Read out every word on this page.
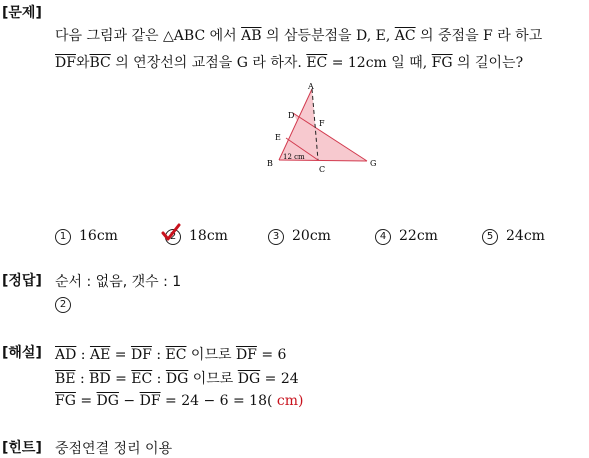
[문제]
[정답]
[해설]
[힌트]
다음 그림과 같은 △ABC 에서 $\overline{AB}$ 의 삼등분점을 D, E, $\overline{AC}$ 의 중점을 F 라 하고
$\overline{DF}$와$\overline{BC}$ 의 연장선의 교점을 G 라 하자. $\overline{EC} = 12cm$ 일 때, $\overline{FG}$ 의 길이는?
A
D
F
E
B
C
G
12 cm
1 16cm	2 18cm	3 20cm	4 22cm	5 24cm
순서 : 없음, 갯수 : 1
2
$\overline{AD}$ : $\overline{AE} = \overline{DF}$ : $\overline{EC}$ 이므로 $\overline{DF} = 6$
$\overline{BE}$ : $\overline{BD} = \overline{EC}$ : $\overline{DG}$ 이므로 $\overline{DG} = 24$
$\overline{FG} = \overline{DG} - \overline{DF} = 24 - 6 = 18$( cm)
중점연결 정리 이용
